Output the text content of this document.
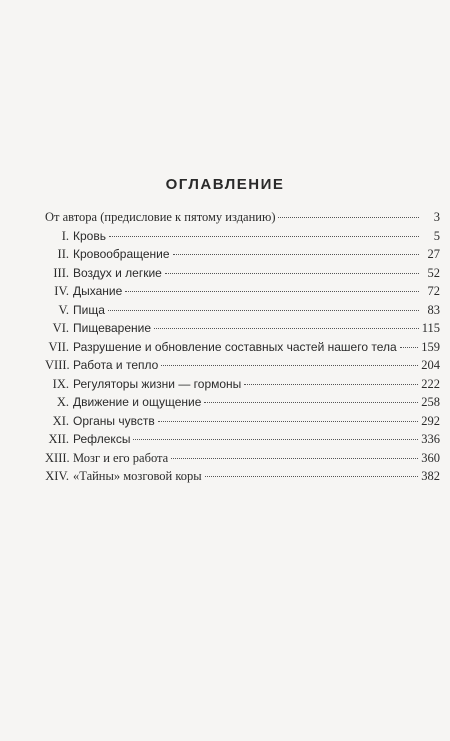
ОГЛАВЛЕНИЕ
От автора (предисловие к пятому изданию)	3
I. Кровь	5
II. Кровообращение	27
III. Воздух и легкие	52
IV. Дыхание	72
V. Пища	83
VI. Пищеварение	115
VII. Разрушение и обновление составных частей нашего тела 159
VIII. Работа и тепло	204
IX. Регуляторы жизни — гормоны	222
X. Движение и ощущение	258
XI. Органы чувств	292
XII. Рефлексы	336
XIII. Мозг и его работа	360
XIV. «Тайны» мозговой коры	382
